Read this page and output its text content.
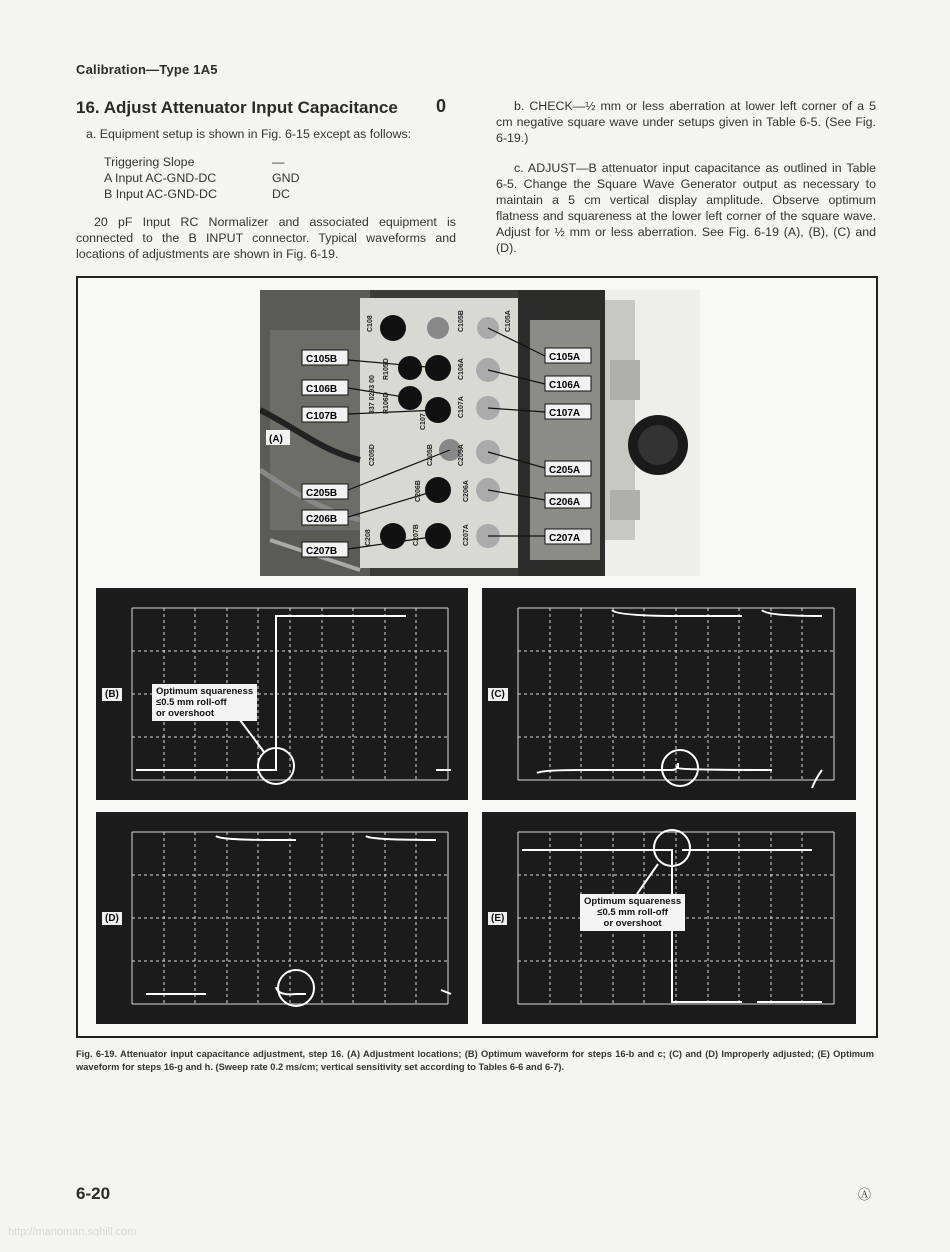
Calibration—Type 1A5
16. Adjust Attenuator Input Capacitance 0

a. Equipment setup is shown in Fig. 6-15 except as follows:

Triggering Slope	—
A Input AC-GND-DC	GND
B Input AC-GND-DC	DC

20 pF Input RC Normalizer and associated equipment is connected to the B INPUT connector. Typical waveforms and locations of adjustments are shown in Fig. 6-19.

b. CHECK—½ mm or less aberration at lower left corner of a 5 cm negative square wave under setups given in Table 6-5. (See Fig. 6-19.)

c. ADJUST—B attenuator input capacitance as outlined in Table 6-5. Change the Square Wave Generator output as necessary to maintain a 5 cm vertical display amplitude. Observe optimum flatness and squareness at the lower left corner of the square wave. Adjust for ½ mm or less aberration. See Fig. 6-19 (A), (B), (C) and (D).

C108	C105B	C105A
R105D	C106A
337 0293 00 R106D	C107A
C107
C205D	C205B	C205A
C206B	C206A
C208	C207B	C207A
C105B
C106B
C107B
C205B
C206B
C207B
(A)
C105A
C106A
C107A
C205A
C206A
C207A
(B)	Optimum squareness
≤0.5 mm roll-off
or overshoot
(C)
(D)	(E)
Optimum squareness
≤0.5 mm roll-off
or overshoot
Fig. 6-19. Attenuator input capacitance adjustment, step 16. (A) Adjustment locations; (B) Optimum waveform for steps 16-b and c; (C) and (D) Improperly adjusted; (E) Optimum waveform for steps 16-g and h. (Sweep rate 0.2 ms/cm; vertical sensitivity set according to Tables 6-6 and 6-7).
6-20	Ⓐ
http://manoman.sqhill.com
